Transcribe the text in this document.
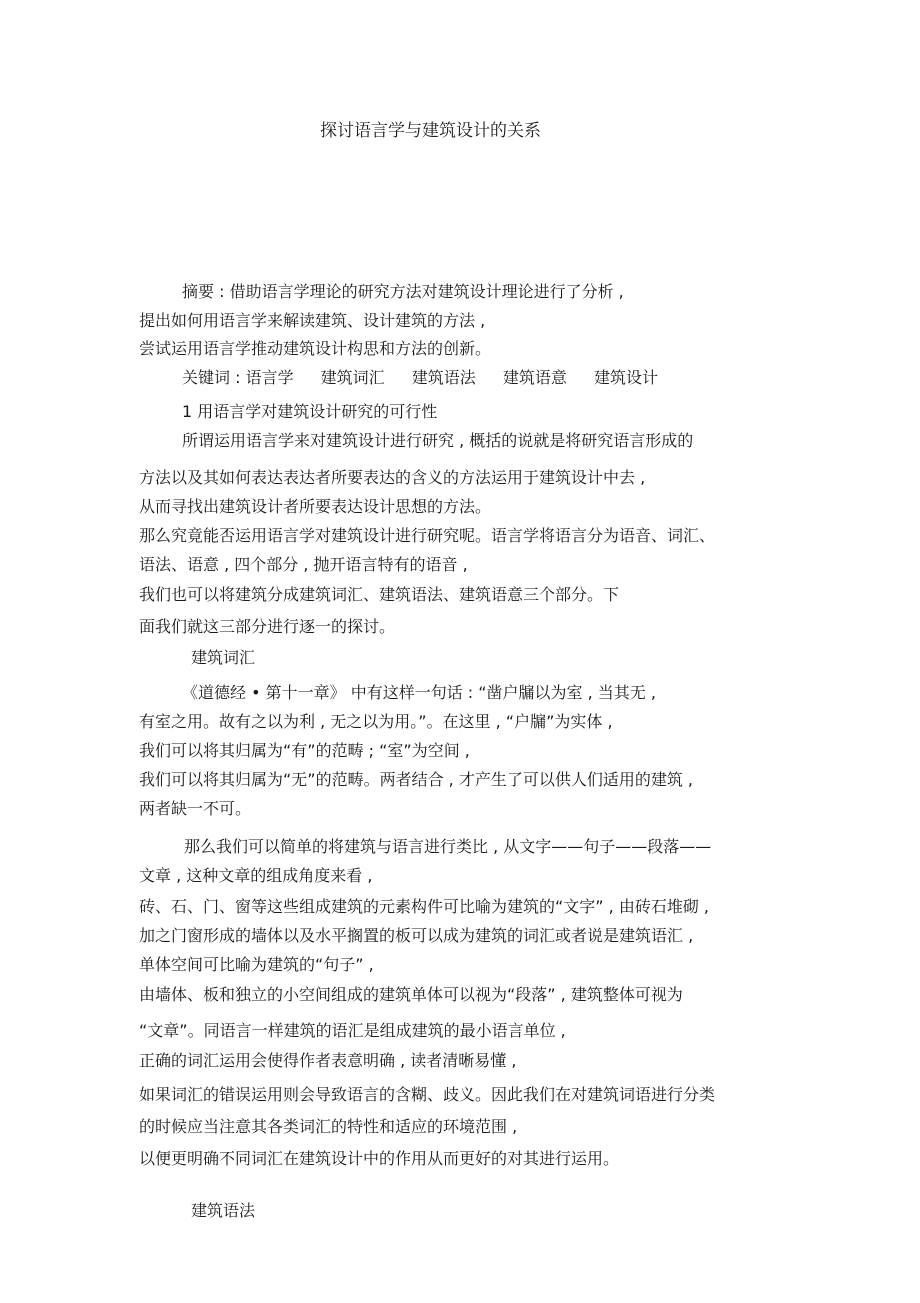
探讨语言学与建筑设计的关系
摘要 : 借助语言学理论的研究方法对建筑设计理论进行了分析 ,
提出如何用语言学来解读建筑、设计建筑的方法 ,
尝试运用语言学推动建筑设计构思和方法的创新。
关键词 : 语言学 建筑词汇 建筑语法 建筑语意 建筑设计
1 用语言学对建筑设计研究的可行性
所谓运用语言学来对建筑设计进行研究 , 概括的说就是将研究语言形成的
方法以及其如何表达表达者所要表达的含义的方法运用于建筑设计中去 ,
从而寻找出建筑设计者所要表达设计思想的方法。
那么究竟能否运用语言学对建筑设计进行研究呢。语言学将语言分为语音、词汇、
语法、语意 , 四个部分 , 抛开语言特有的语音 ,
我们也可以将建筑分成建筑词汇、建筑语法、建筑语意三个部分。下
面我们就这三部分进行逐一的探讨。
建筑词汇
《道德经 • 第十一章》 中有这样一句话 : “凿户牖以为室 , 当其无 ,
有室之用。故有之以为利 , 无之以为用。”。在这里 , “户牖”为实体 ,
我们可以将其归属为“有”的范畴 ; “室”为空间 ,
我们可以将其归属为“无”的范畴。两者结合 , 才产生了可以供人们适用的建筑 ,
两者缺一不可。
那么我们可以简单的将建筑与语言进行类比 , 从文字——句子——段落——
文章 , 这种文章的组成角度来看 ,
砖、石、门、窗等这些组成建筑的元素构件可比喻为建筑的“文字” , 由砖石堆砌 ,
加之门窗形成的墙体以及水平搁置的板可以成为建筑的词汇或者说是建筑语汇 ,
单体空间可比喻为建筑的“句子” ,
由墙体、板和独立的小空间组成的建筑单体可以视为“段落” , 建筑整体可视为
“文章”。同语言一样建筑的语汇是组成建筑的最小语言单位 ,
正确的词汇运用会使得作者表意明确 , 读者清晰易懂 ,
如果词汇的错误运用则会导致语言的含糊、歧义。因此我们在对建筑词语进行分类
的时候应当注意其各类词汇的特性和适应的环境范围 ,
以便更明确不同词汇在建筑设计中的作用从而更好的对其进行运用。
建筑语法
